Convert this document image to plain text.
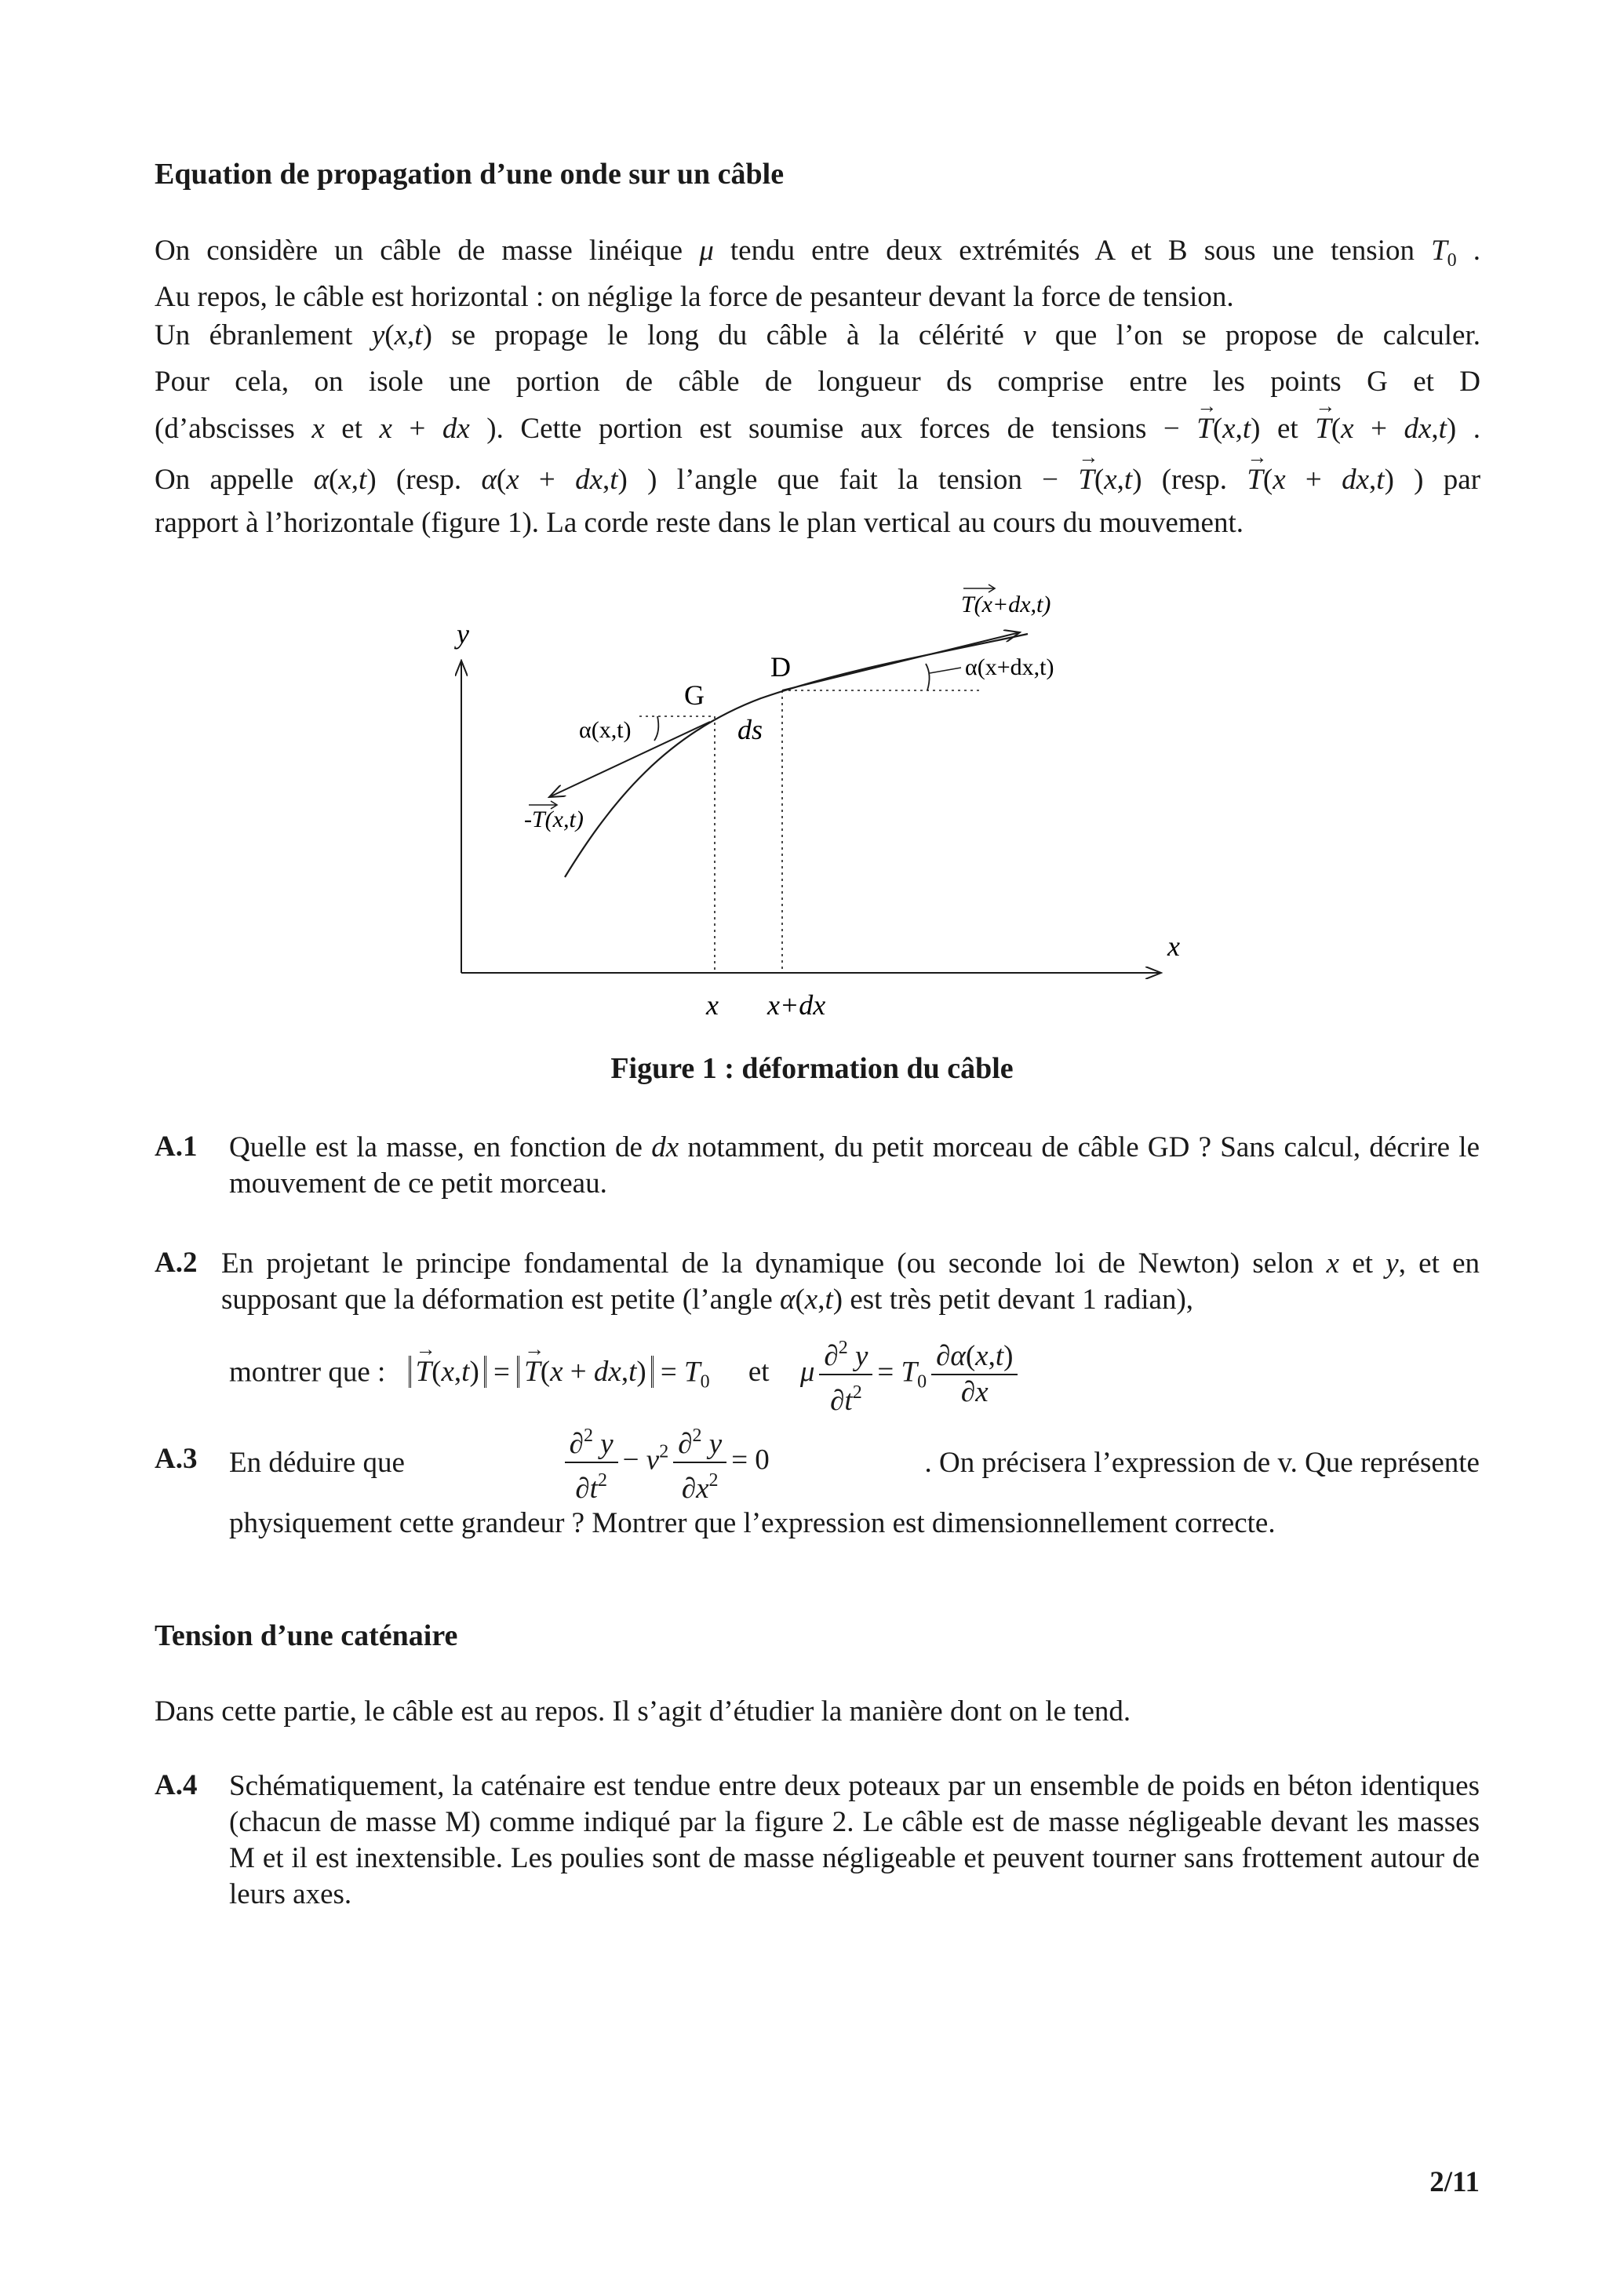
Equation de propagation d’une onde sur un câble
On considère un câble de masse linéique μ tendu entre deux extrémités A et B sous une tension $T_0$ .
Au repos, le câble est horizontal : on néglige la force de pesanteur devant la force de tension.
Un ébranlement y(x,t) se propage le long du câble à la célérité v que l’on se propose de calculer.
Pour cela, on isole une portion de câble de longueur ds comprise entre les points G et D
(d’abscisses x et x + dx ). Cette portion est soumise aux forces de tensions − → T(x,t) et → T(x + dx,t) .
On appelle α(x,t) (resp. α(x + dx,t) ) l’angle que fait la tension − → T(x,t) (resp. → T(x + dx,t) ) par
rapport à l’horizontale (figure 1). La corde reste dans le plan vertical au cours du mouvement.
y
x
G
D
ds
α(x,t)
α(x+dx,t)
T(x+dx,t)
-T(x,t)
x x+dx
Figure 1 : déformation du câble
A.1 Quelle est la masse, en fonction de dx notamment, du petit morceau de câble GD ? Sans calcul, décrire le mouvement de ce petit morceau.
A.2 En projetant le principe fondamental de la dynamique (ou seconde loi de Newton) selon x et y, et en supposant que la déformation est petite (l’angle α(x,t) est très petit devant 1 radian),
montrer que : → T(x,t) = → $T(x + dx,t) = T_0$ et μ $\frac{\partial^2 y}{\partial t^2} = T_0 \frac{\partial\alpha(x,t)}{\partial x}$
A.3 En déduire que	$\frac{\partial^2 y}{\partial t^2} - v^2 \frac{\partial^2 y}{\partial x^2} = 0$	. On précisera l’expression de v. Que représente
physiquement cette grandeur ? Montrer que l’expression est dimensionnellement correcte.
Tension d’une caténaire
Dans cette partie, le câble est au repos. Il s’agit d’étudier la manière dont on le tend.
A.4 Schématiquement, la caténaire est tendue entre deux poteaux par un ensemble de poids en béton identiques (chacun de masse M) comme indiqué par la figure 2. Le câble est de masse négligeable devant les masses M et il est inextensible. Les poulies sont de masse négligeable et peuvent tourner sans frottement autour de leurs axes.
2/11
